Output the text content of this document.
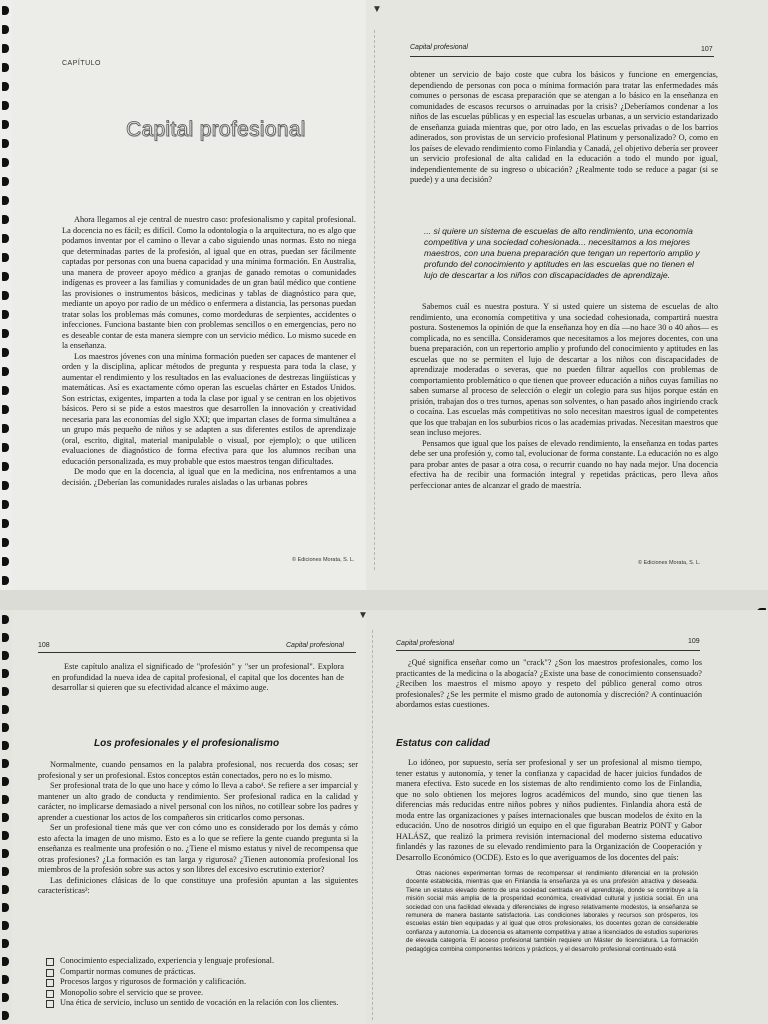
CAPÍTULO
Capital profesional

Ahora llegamos al eje central de nuestro caso: profesionalismo y capital profesional. La docencia no es fácil; es difícil. Como la odontología o la arquitectura, no es algo que podamos inventar por el camino o llevar a cabo siguiendo unas normas. Esto no niega que determinadas partes de la profesión, al igual que en otras, puedan ser fácilmente captadas por personas con una buena capacidad y una mínima formación. En Australia, una manera de proveer apoyo médico a granjas de ganado remotas o comunidades indígenas es proveer a las familias y comunidades de un gran baúl médico que contiene las provisiones o instrumentos básicos, medicinas y tablas de diagnóstico para que, mediante un apoyo por radio de un médico o enfermera a distancia, las personas puedan tratar solas los problemas más comunes, como mordeduras de serpientes, accidentes o infecciones. Funciona bastante bien con problemas sencillos o en emergencias, pero no es deseable contar de esta manera siempre con un servicio médico. Lo mismo sucede en la enseñanza.

Los maestros jóvenes con una mínima formación pueden ser capaces de mantener el orden y la disciplina, aplicar métodos de pregunta y respuesta para toda la clase, y aumentar el rendimiento y los resultados en las evaluaciones de destrezas lingüísticas y matemáticas. Así es exactamente cómo operan las escuelas chárter en Estados Unidos. Son estrictas, exigentes, imparten a toda la clase por igual y se centran en los objetivos básicos. Pero si se pide a estos maestros que desarrollen la innovación y creatividad necesaria para las economías del siglo XXI; que impartan clases de forma simultánea a un grupo más pequeño de niños y se adapten a sus diferentes estilos de aprendizaje (oral, escrito, digital, material manipulable o visual, por ejemplo); o que utilicen evaluaciones de diagnóstico de forma efectiva para que los alumnos reciban una educación personalizada, es muy probable que estos maestros tengan dificultades.

De modo que en la docencia, al igual que en la medicina, nos enfrentamos a una decisión. ¿Deberían las comunidades rurales aisladas o las urbanas pobres

© Ediciones Morata, S. L.
▼
Capital profesional	107

obtener un servicio de bajo coste que cubra los básicos y funcione en emergencias, dependiendo de personas con poca o mínima formación para tratar las enfermedades más comunes o personas de escasa preparación que se atengan a lo básico en la enseñanza en comunidades de escasos recursos o arruinadas por la crisis? ¿Deberíamos condenar a los niños de las escuelas públicas y en especial las escuelas urbanas, a un servicio estandarizado de enseñanza guiada mientras que, por otro lado, en las escuelas privadas o de los barrios adinerados, son provistas de un servicio profesional Platinum y personalizado? O, como en los países de elevado rendimiento como Finlandia y Canadá, ¿el objetivo debería ser proveer un servicio profesional de alta calidad en la educación a todo el mundo por igual, independientemente de su ingreso o ubicación? ¿Realmente todo se reduce a pagar (si se puede) y a una decisión?

... si quiere un sistema de escuelas de alto rendimiento, una economía competitiva y una sociedad cohesionada... necesitamos a los mejores maestros, con una buena preparación que tengan un repertorio amplio y profundo del conocimiento y aptitudes en las escuelas que no tienen el lujo de descartar a los niños con discapacidades de aprendizaje.

Sabemos cuál es nuestra postura. Y si usted quiere un sistema de escuelas de alto rendimiento, una economía competitiva y una sociedad cohesionada, compartirá nuestra postura. Sostenemos la opinión de que la enseñanza hoy en día —no hace 30 o 40 años— es complicada, no es sencilla. Consideramos que necesitamos a los mejores docentes, con una buena preparación, con un repertorio amplio y profundo del conocimiento y aptitudes en las escuelas que no se permiten el lujo de descartar a los niños con discapacidades de aprendizaje moderadas o severas, que no pueden filtrar aquellos con problemas de comportamiento problemático o que tienen que proveer educación a niños cuyas familias no saben sumarse al proceso de selección o elegir un colegio para sus hijos porque están en prisión, trabajan dos o tres turnos, apenas son solventes, o han pasado años ingiriendo crack o cocaína. Las escuelas más competitivas no solo necesitan maestros igual de competentes que los que trabajan en los suburbios ricos o las academias privadas. Necesitan maestros que sean incluso mejores.

Pensamos que igual que los países de elevado rendimiento, la enseñanza en todas partes debe ser una profesión y, como tal, evolucionar de forma constante. La educación no es algo para probar antes de pasar a otra cosa, o recurrir cuando no hay nada mejor. Una docencia efectiva ha de recibir una formación integral y repetidas prácticas, pero lleva años perfeccionar antes de alcanzar el grado de maestría.

© Ediciones Morata, S. L.
108	Capital profesional

Este capítulo analiza el significado de "profesión" y "ser un profesional". Explora en profundidad la nueva idea de capital profesional, el capital que los docentes han de desarrollar si quieren que su efectividad alcance el máximo auge.

Los profesionales y el profesionalismo

Normalmente, cuando pensamos en la palabra profesional, nos recuerda dos cosas; ser profesional y ser un profesional. Estos conceptos están conectados, pero no es lo mismo.

Ser profesional trata de lo que uno hace y cómo lo lleva a cabo¹. Se refiere a ser imparcial y mantener un alto grado de conducta y rendimiento. Ser profesional radica en la calidad y carácter, no implicarse demasiado a nivel personal con los niños, no cotillear sobre los padres y aprender a cuestionar los actos de los compañeros sin criticarlos como personas.

Ser un profesional tiene más que ver con cómo uno es considerado por los demás y cómo esto afecta la imagen de uno mismo. Esto es a lo que se refiere la gente cuando pregunta si la enseñanza es realmente una profesión o no. ¿Tiene el mismo estatus y nivel de recompensa que otras profesiones? ¿La formación es tan larga y rigurosa? ¿Tienen autonomía profesional los miembros de la profesión sobre sus actos y son libres del excesivo escrutinio exterior?

Las definiciones clásicas de lo que constituye una profesión apuntan a las siguientes características²:

Conocimiento especializado, experiencia y lenguaje profesional.
Compartir normas comunes de prácticas.
Procesos largos y rigurosos de formación y calificación.
Monopolio sobre el servicio que se provee.
Una ética de servicio, incluso un sentido de vocación en la relación con los clientes.
▼
Capital profesional	109

¿Qué significa enseñar como un "crack"? ¿Son los maestros profesionales, como los practicantes de la medicina o la abogacía? ¿Existe una base de conocimiento consensuado? ¿Reciben los maestros el mismo apoyo y respeto del público general como otros profesionales? ¿Se les permite el mismo grado de autonomía y discreción? A continuación abordamos estas cuestiones.

Estatus con calidad

Lo idóneo, por supuesto, sería ser profesional y ser un profesional al mismo tiempo, tener estatus y autonomía, y tener la confianza y capacidad de hacer juicios fundados de manera efectiva. Esto sucede en los sistemas de alto rendimiento como los de Finlandia, que no solo obtienen los mejores logros académicos del mundo, sino que tienen las diferencias más reducidas entre niños pobres y niños pudientes. Finlandia ahora está de moda entre las organizaciones y países internacionales que buscan modelos de éxito en la educación. Uno de nosotros dirigió un equipo en el que figuraban Beatriz PONT y Gabor HALÁSZ, que realizó la primera revisión internacional del moderno sistema educativo finlandés y las razones de su elevado rendimiento para la Organización de Cooperación y Desarrollo Económico (OCDE). Esto es lo que averiguamos de los docentes del país:

Otras naciones experimentan formas de recompensar el rendimiento diferencial en la profesión docente establecida, mientras que en Finlandia la enseñanza ya es una profesión atractiva y deseada. Tiene un estatus elevado dentro de una sociedad centrada en el aprendizaje, donde se contribuye a la misión social más amplia de la prosperidad económica, creatividad cultural y justicia social. En una sociedad con una facilidad elevada y diferenciales de ingreso relativamente modestos, la enseñanza se remunera de manera bastante satisfactoria. Las condiciones laborales y recursos son prósperos, los escuelas están bien equipadas y al igual que otros profesionales, los docentes gozan de considerable confianza y autonomía. La docencia es altamente competitiva y atrae a licenciados de estudios superiores de elevada categoría. El acceso profesional también requiere un Máster de licenciatura. La formación pedagógica combina componentes teóricos y prácticos, y el desarrollo profesional continuado está
